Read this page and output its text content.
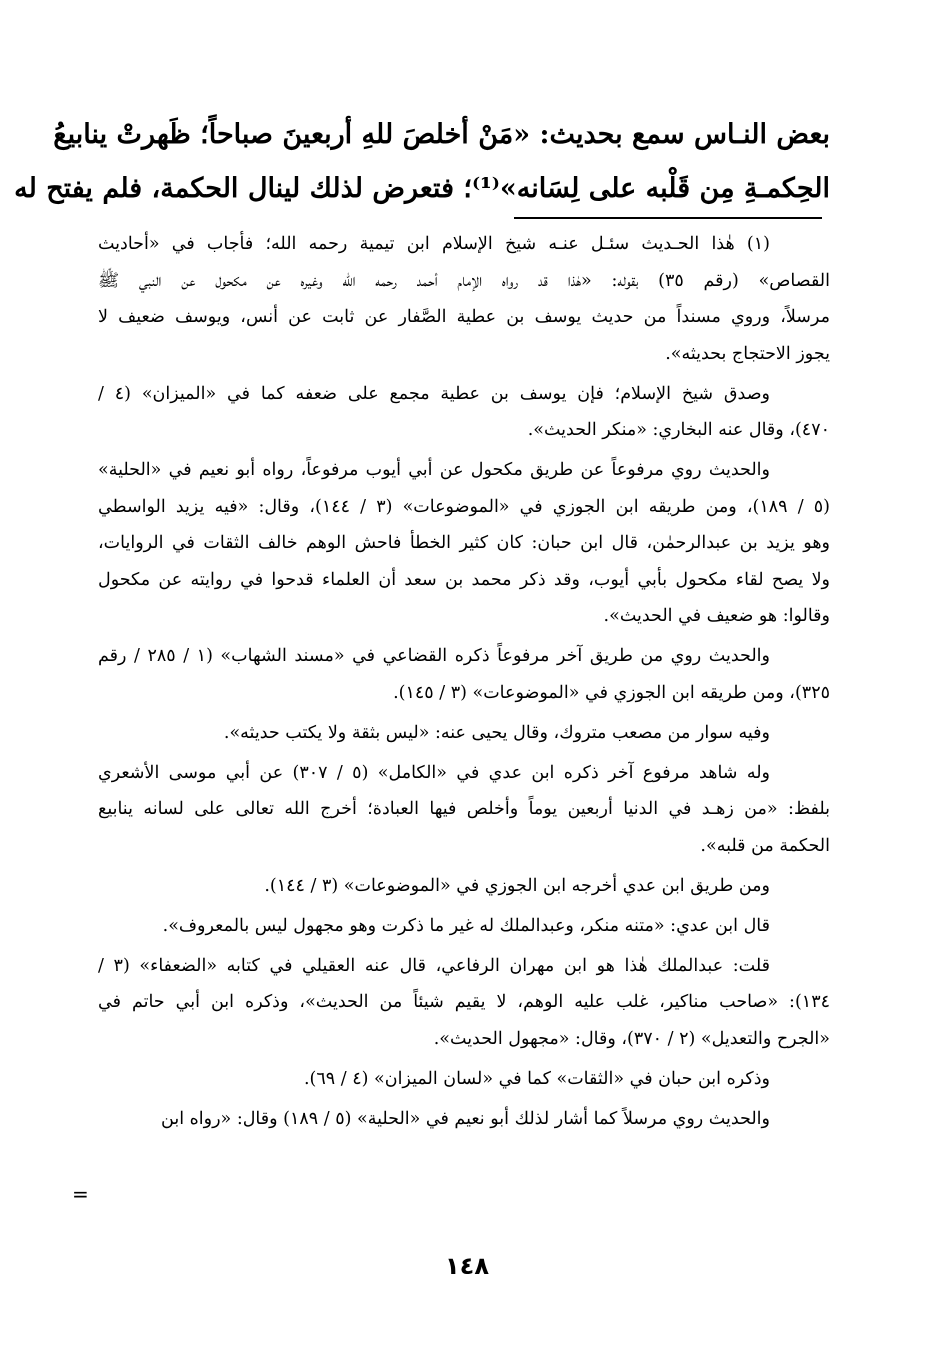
بعض النـاس سمع بحديث: «مَنْ أخلصَ للهِ أربعينَ صباحاً؛ ظَهرتْ ينابيعُ
الحِكمـةِ مِن قَلْبه على لِسَانه»⁽¹⁾؛ فتعرض لذلك لينال الحكمة، فلم يفتح له

(١) هٰذا الحـديث سئـل عنـه شيخ الإسلام ابن تيمية رحمه الله؛ فأجاب في «أحاديث

القصاص» (رقم ٣٥) بقوله: «هٰذا قد رواه الإمام أحمد رحمه الله وغيره عن مكحول عن النبي ﷺ

مرسلاً، وروي مسنداً من حديث يوسف بن عطية الصَّفار عن ثابت عن أنس، ويوسف ضعيف لا

يجوز الاحتجاج بحديثه».

وصدق شيخ الإسلام؛ فإن يوسف بن عطية مجمع على ضعفه كما في «الميزان» (٤ /

٤٧٠)، وقال عنه البخاري: «منكر الحديث».

والحديث روي مرفوعاً عن طريق مكحول عن أبي أيوب مرفوعاً، رواه أبو نعيم في «الحلية»

(٥ / ١٨٩)، ومن طريقه ابن الجوزي في «الموضوعات» (٣ / ١٤٤)، وقال: «فيه يزيد الواسطي

وهو يزيد بن عبدالرحمٰن، قال ابن حبان: كان كثير الخطأ فاحش الوهم خالف الثقات في الروايات،

ولا يصح لقاء مكحول بأبي أيوب، وقد ذكر محمد بن سعد أن العلماء قدحوا في روايته عن مكحول

وقالوا: هو ضعيف في الحديث».

والحديث روي من طريق آخر مرفوعاً ذكره القضاعي في «مسند الشهاب» (١ / ٢٨٥ / رقم

٣٢٥)، ومن طريقه ابن الجوزي في «الموضوعات» (٣ / ١٤٥).

وفيه سوار من مصعب متروك، وقال يحيى عنه: «ليس بثقة ولا يكتب حديثه».

وله شاهد مرفوع آخر ذكره ابن عدي في «الكامل» (٥ / ٣٠٧) عن أبي موسى الأشعري

بلفظ: «من زهـد في الدنيا أربعين يوماً وأخلص فيها العبادة؛ أخرج الله تعالى على لسانه ينابيع

الحكمة من قلبه».

ومن طريق ابن عدي أخرجه ابن الجوزي في «الموضوعات» (٣ / ١٤٤).

قال ابن عدي: «متنه منكر، وعبدالملك له غير ما ذكرت وهو مجهول ليس بالمعروف».

قلت: عبدالملك هٰذا هو ابن مهران الرفاعي، قال عنه العقيلي في كتابه «الضعفاء» (٣ /

١٣٤): «صاحب مناكير، غلب عليه الوهم، لا يقيم شيئاً من الحديث»، وذكره ابن أبي حاتم في

«الجرح والتعديل» (٢ / ٣٧٠)، وقال: «مجهول الحديث».

وذكره ابن حبان في «الثقات» كما في «لسان الميزان» (٤ / ٦٩).

والحديث روي مرسلاً كما أشار لذلك أبو نعيم في «الحلية» (٥ / ١٨٩) وقال: «رواه ابن

=
١٤٨
